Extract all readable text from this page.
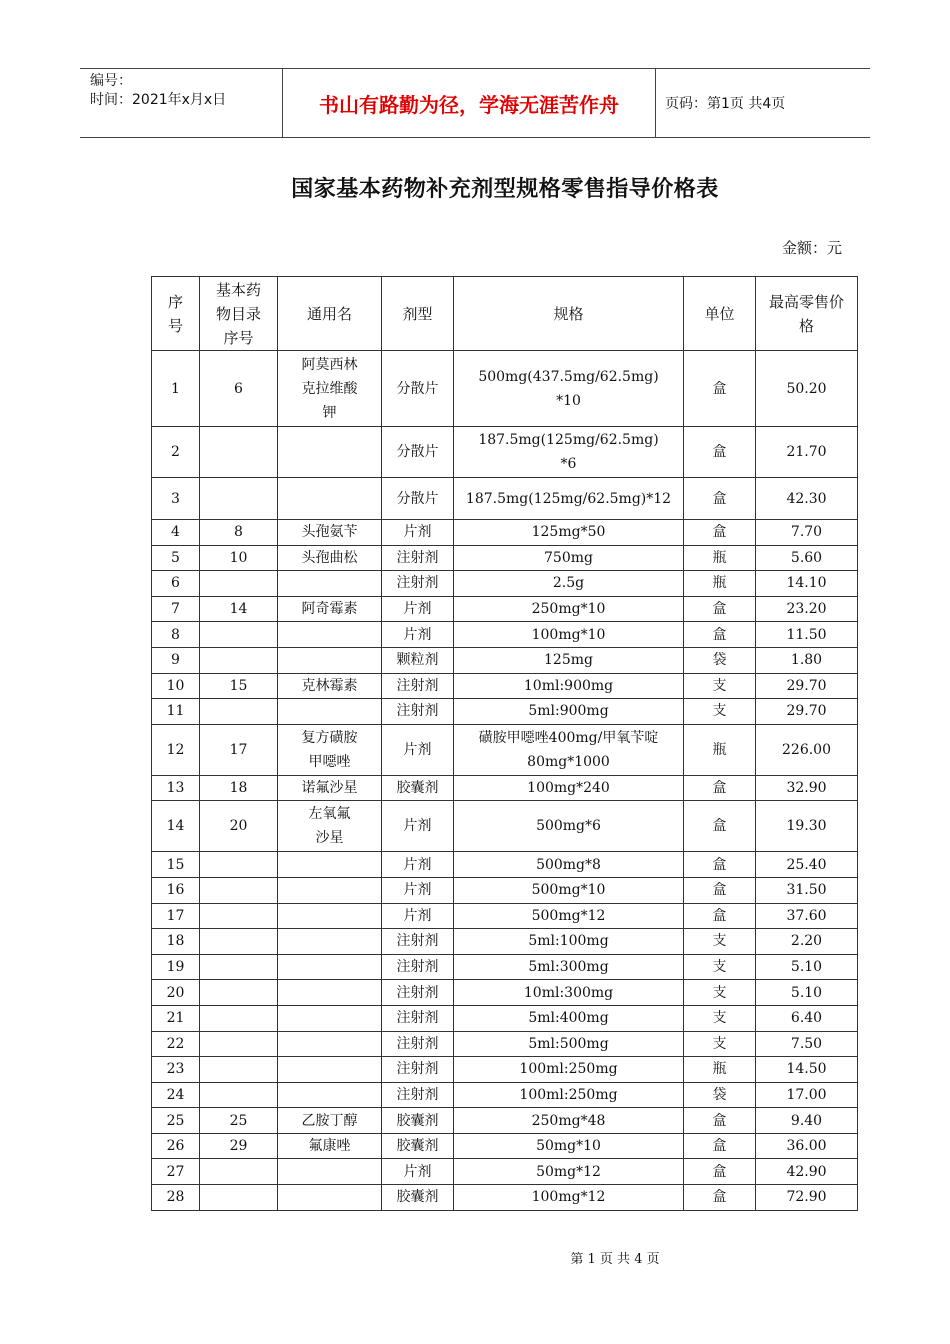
编号：
时间：2021年x月x日	书山有路勤为径，学海无涯苦作舟	页码：第1页 共4页
国家基本药物补充剂型规格零售指导价格表
金额：元
序号	基本药物目录序号	通用名	剂型	规格	单位	最高零售价格

1	6	阿莫西林克拉维酸钾	分散片	500mg(437.5mg/62.5mg) *10	盒	50.20

2			分散片	187.5mg(125mg/62.5mg) *6	盒	21.70

3			分散片	187.5mg(125mg/62.5mg)*12	盒	42.30

4	8	头孢氨苄	片剂	125mg*50	盒	7.70

5	10	头孢曲松	注射剂	750mg	瓶	5.60

6			注射剂	2.5g	瓶	14.10

7	14	阿奇霉素	片剂	250mg*10	盒	23.20

8			片剂	100mg*10	盒	11.50

9			颗粒剂	125mg	袋	1.80

10	15	克林霉素	注射剂	10ml:900mg	支	29.70

11			注射剂	5ml:900mg	支	29.70

12	17	复方磺胺甲噁唑	片剂	磺胺甲噁唑400mg/甲氧苄啶80mg*1000	瓶	226.00

13	18	诺氟沙星	胶囊剂	100mg*240	盒	32.90

14	20	左氧氟沙星	片剂	500mg*6	盒	19.30

15			片剂	500mg*8	盒	25.40

16			片剂	500mg*10	盒	31.50

17			片剂	500mg*12	盒	37.60

18			注射剂	5ml:100mg	支	2.20

19			注射剂	5ml:300mg	支	5.10

20			注射剂	10ml:300mg	支	5.10

21			注射剂	5ml:400mg	支	6.40

22			注射剂	5ml:500mg	支	7.50

23			注射剂	100ml:250mg	瓶	14.50

24			注射剂	100ml:250mg	袋	17.00

25	25	乙胺丁醇	胶囊剂	250mg*48	盒	9.40

26	29	氟康唑	胶囊剂	50mg*10	盒	36.00

27			片剂	50mg*12	盒	42.90

28			胶囊剂	100mg*12	盒	72.90
第 1 页 共 4 页
